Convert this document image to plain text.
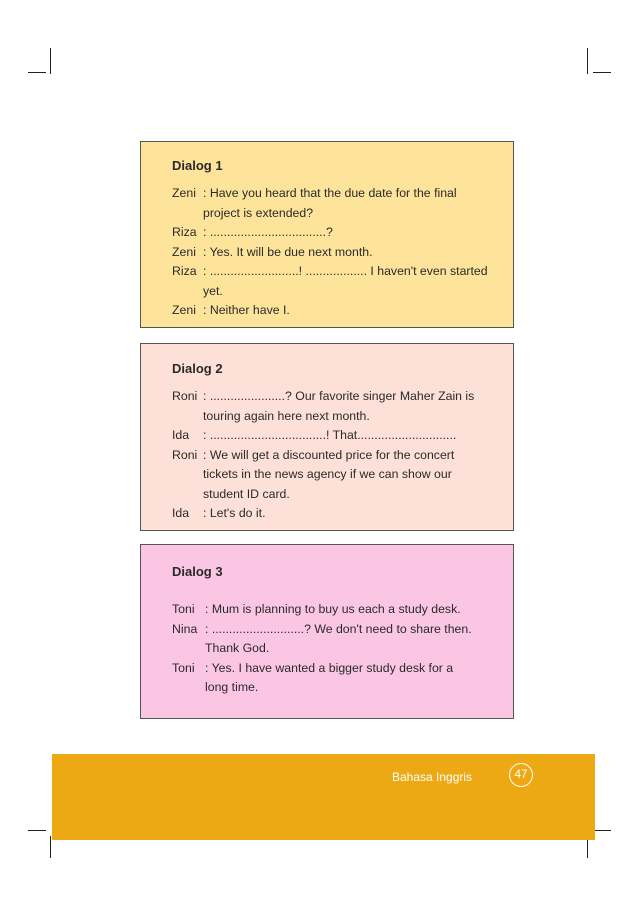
Dialog 1
Zeni : Have you heard that the due date for the final
project is extended?
Riza : ..................................?
Zeni : Yes. It will be due next month.
Riza : ..........................! .................. I haven't even started
yet.
Zeni : Neither have I.
Dialog 2
Roni : ......................? Our favorite singer Maher Zain is
touring again here next month.
Ida	: ..................................! That.............................
Roni : We will get a discounted price for the concert
tickets in the news agency if we can show our
student ID card.
Ida	: Let's do it.
Dialog 3
Toni : Mum is planning to buy us each a study desk.
Nina : ...........................? We don't need to share then.
Thank God.
Toni : Yes. I have wanted a bigger study desk for a
long time.
Bahasa Inggris	47
